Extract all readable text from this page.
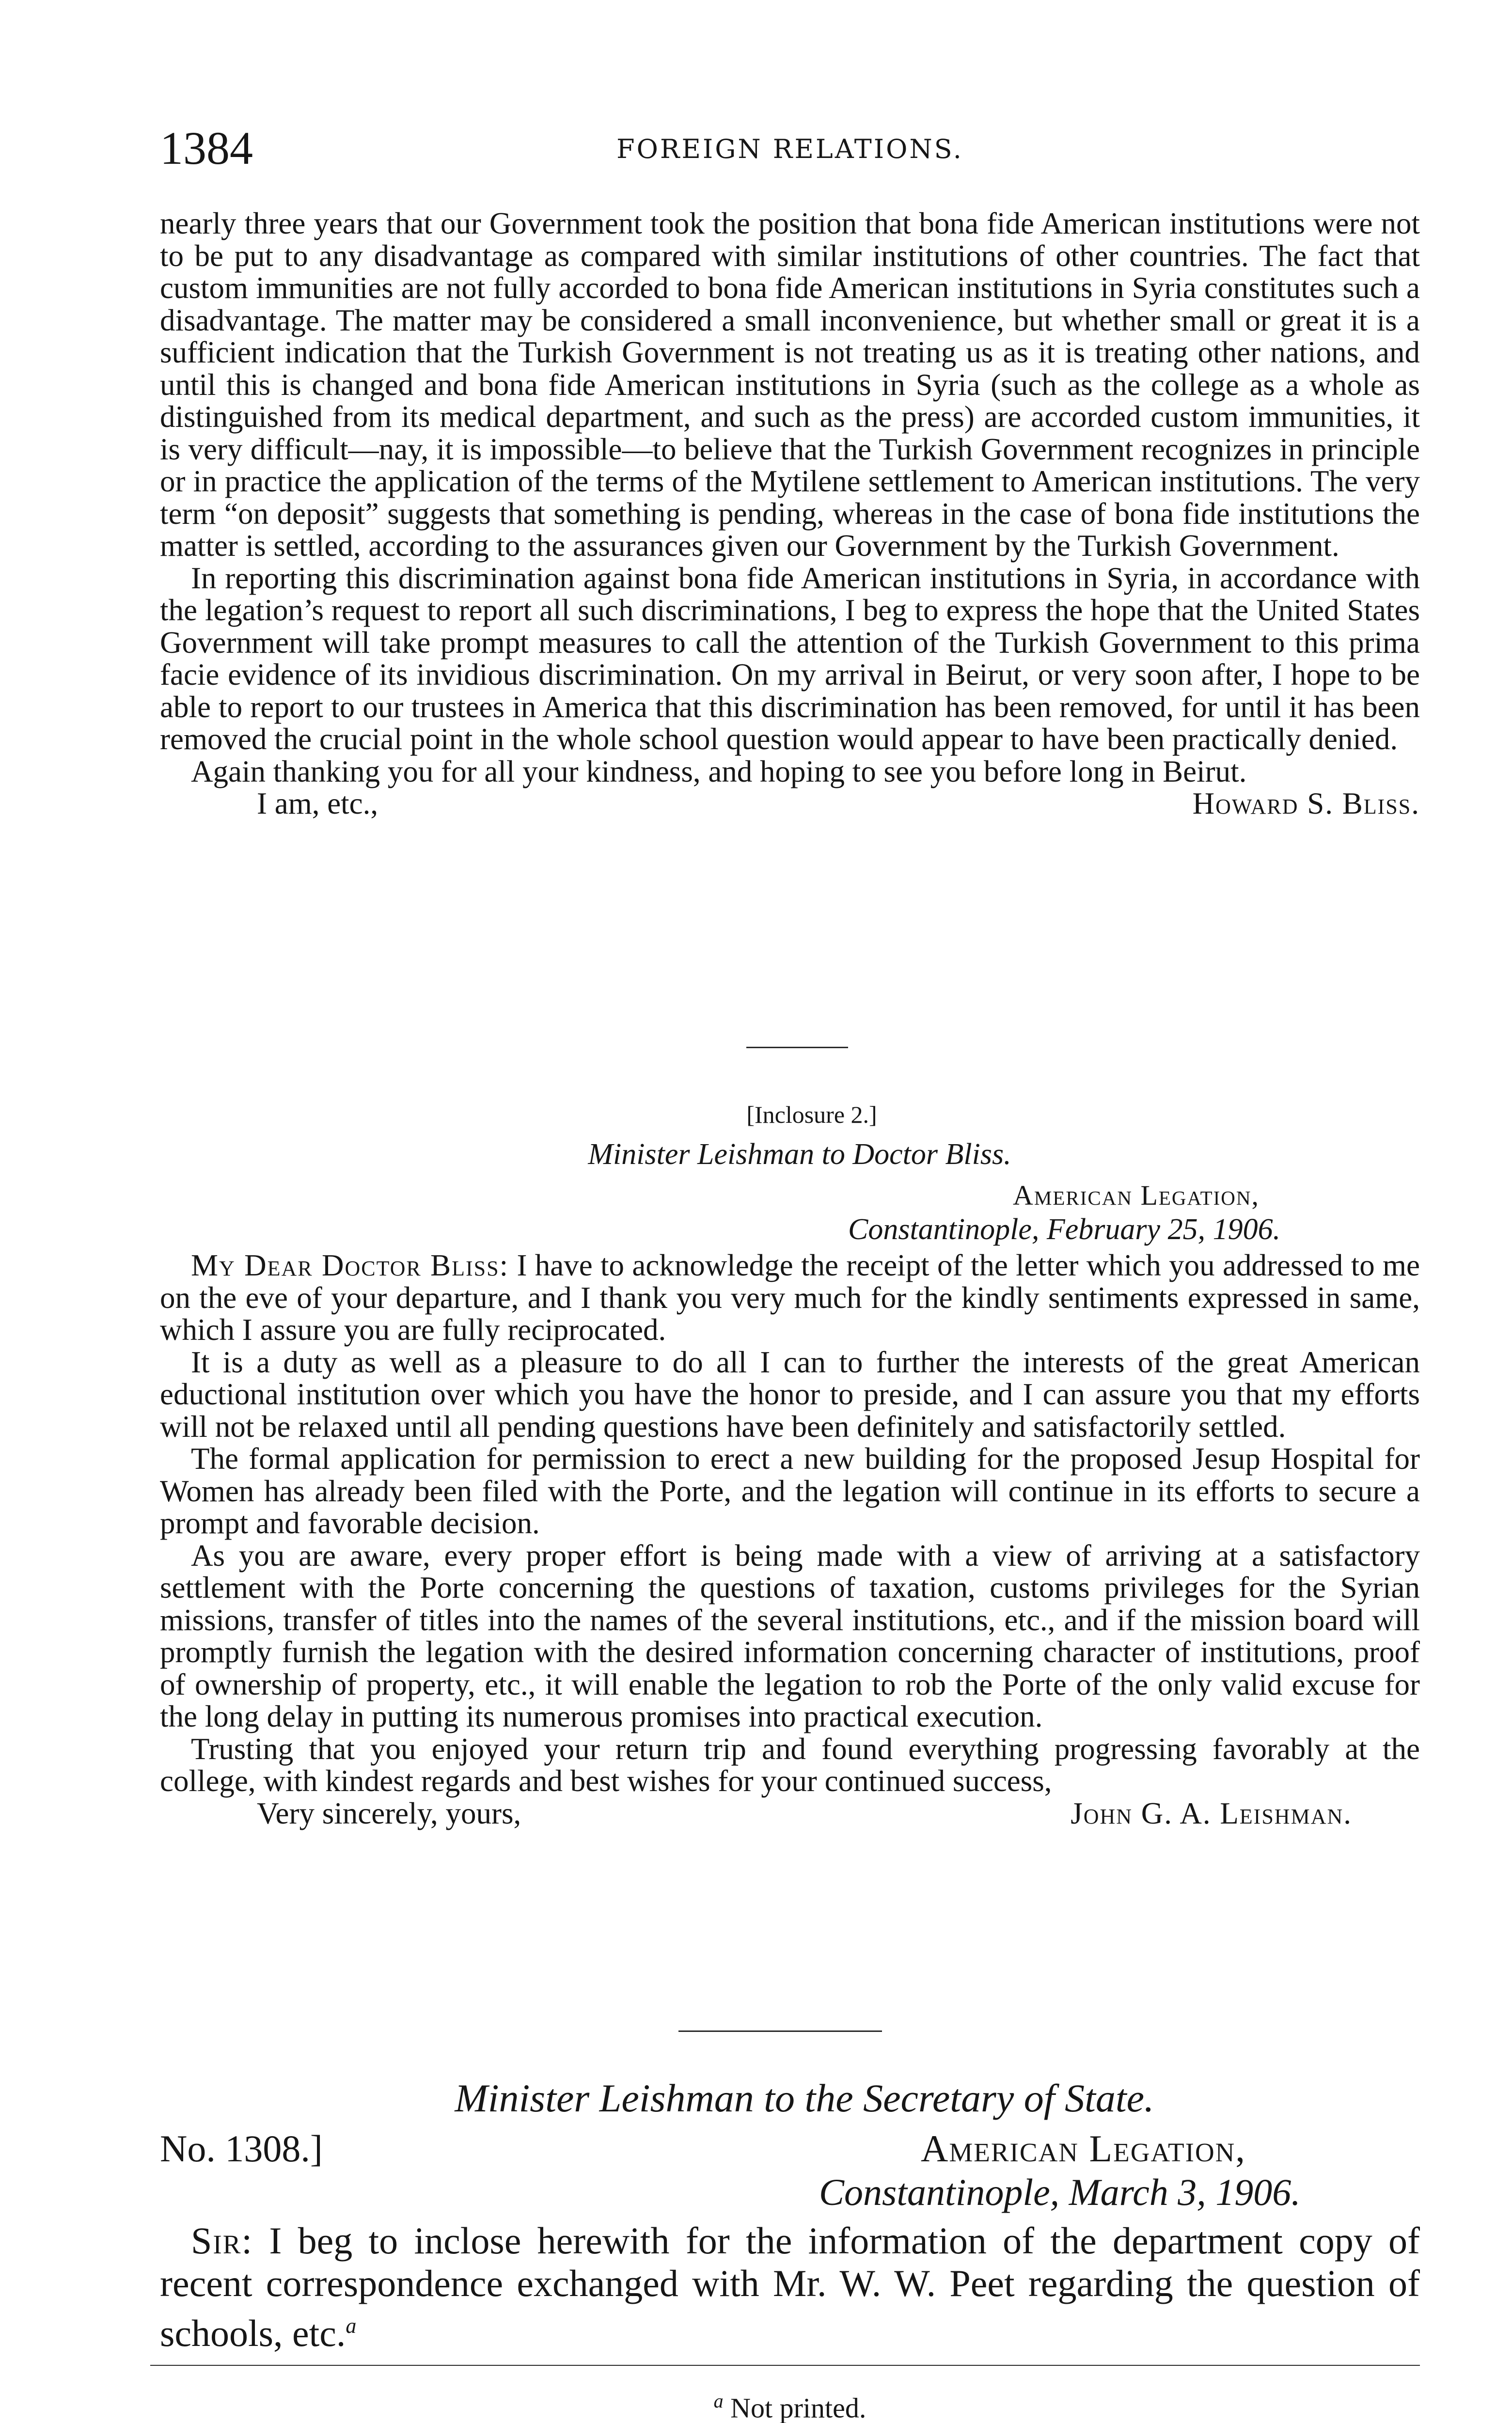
1384	FOREIGN RELATIONS.

nearly three years that our Government took the position that bona fide American institutions were not to be put to any disadvantage as compared with similar institutions of other countries. The fact that custom immunities are not fully accorded to bona fide American institutions in Syria constitutes such a disadvantage. The matter may be considered a small inconvenience, but whether small or great it is a sufficient indication that the Turkish Government is not treating us as it is treating other nations, and until this is changed and bona fide American institutions in Syria (such as the college as a whole as distinguished from its medical department, and such as the press) are accorded custom immunities, it is very difficult—nay, it is impossible—to believe that the Turkish Government recognizes in principle or in practice the application of the terms of the Mytilene settlement to American institutions. The very term “on deposit” suggests that something is pending, whereas in the case of bona fide institutions the matter is settled, according to the assurances given our Government by the Turkish Government.

In reporting this discrimination against bona fide American institutions in Syria, in accordance with the legation’s request to report all such discriminations, I beg to express the hope that the United States Government will take prompt measures to call the attention of the Turkish Government to this prima facie evidence of its invidious discrimination. On my arrival in Beirut, or very soon after, I hope to be able to report to our trustees in America that this discrimination has been removed, for until it has been removed the crucial point in the whole school question would appear to have been practically denied.

Again thanking you for all your kindness, and hoping to see you before long in Beirut.

I am, etc.,	Howard S. Bliss.
[Inclosure 2.]
Minister Leishman to Doctor Bliss.
American Legation,
Constantinople, February 25, 1906.

My Dear Doctor Bliss: I have to acknowledge the receipt of the letter which you addressed to me on the eve of your departure, and I thank you very much for the kindly sentiments expressed in same, which I assure you are fully reciprocated.

It is a duty as well as a pleasure to do all I can to further the interests of the great American eductional institution over which you have the honor to preside, and I can assure you that my efforts will not be relaxed until all pending questions have been definitely and satisfactorily settled.

The formal application for permission to erect a new building for the proposed Jesup Hospital for Women has already been filed with the Porte, and the legation will continue in its efforts to secure a prompt and favorable decision.

As you are aware, every proper effort is being made with a view of arriving at a satisfactory settlement with the Porte concerning the questions of taxation, customs privileges for the Syrian missions, transfer of titles into the names of the several institutions, etc., and if the mission board will promptly furnish the legation with the desired information concerning character of institutions, proof of ownership of property, etc., it will enable the legation to rob the Porte of the only valid excuse for the long delay in putting its numerous promises into practical execution.

Trusting that you enjoyed your return trip and found everything progressing favorably at the college, with kindest regards and best wishes for your continued success,

Very sincerely, yours,	John G. A. Leishman.
Minister Leishman to the Secretary of State.
No. 1308.]	American Legation,
Constantinople, March 3, 1906.

Sir: I beg to inclose herewith for the information of the department copy of recent correspondence exchanged with Mr. W. W. Peet regarding the question of schools, etc.$^a$

$^a$ Not printed.
